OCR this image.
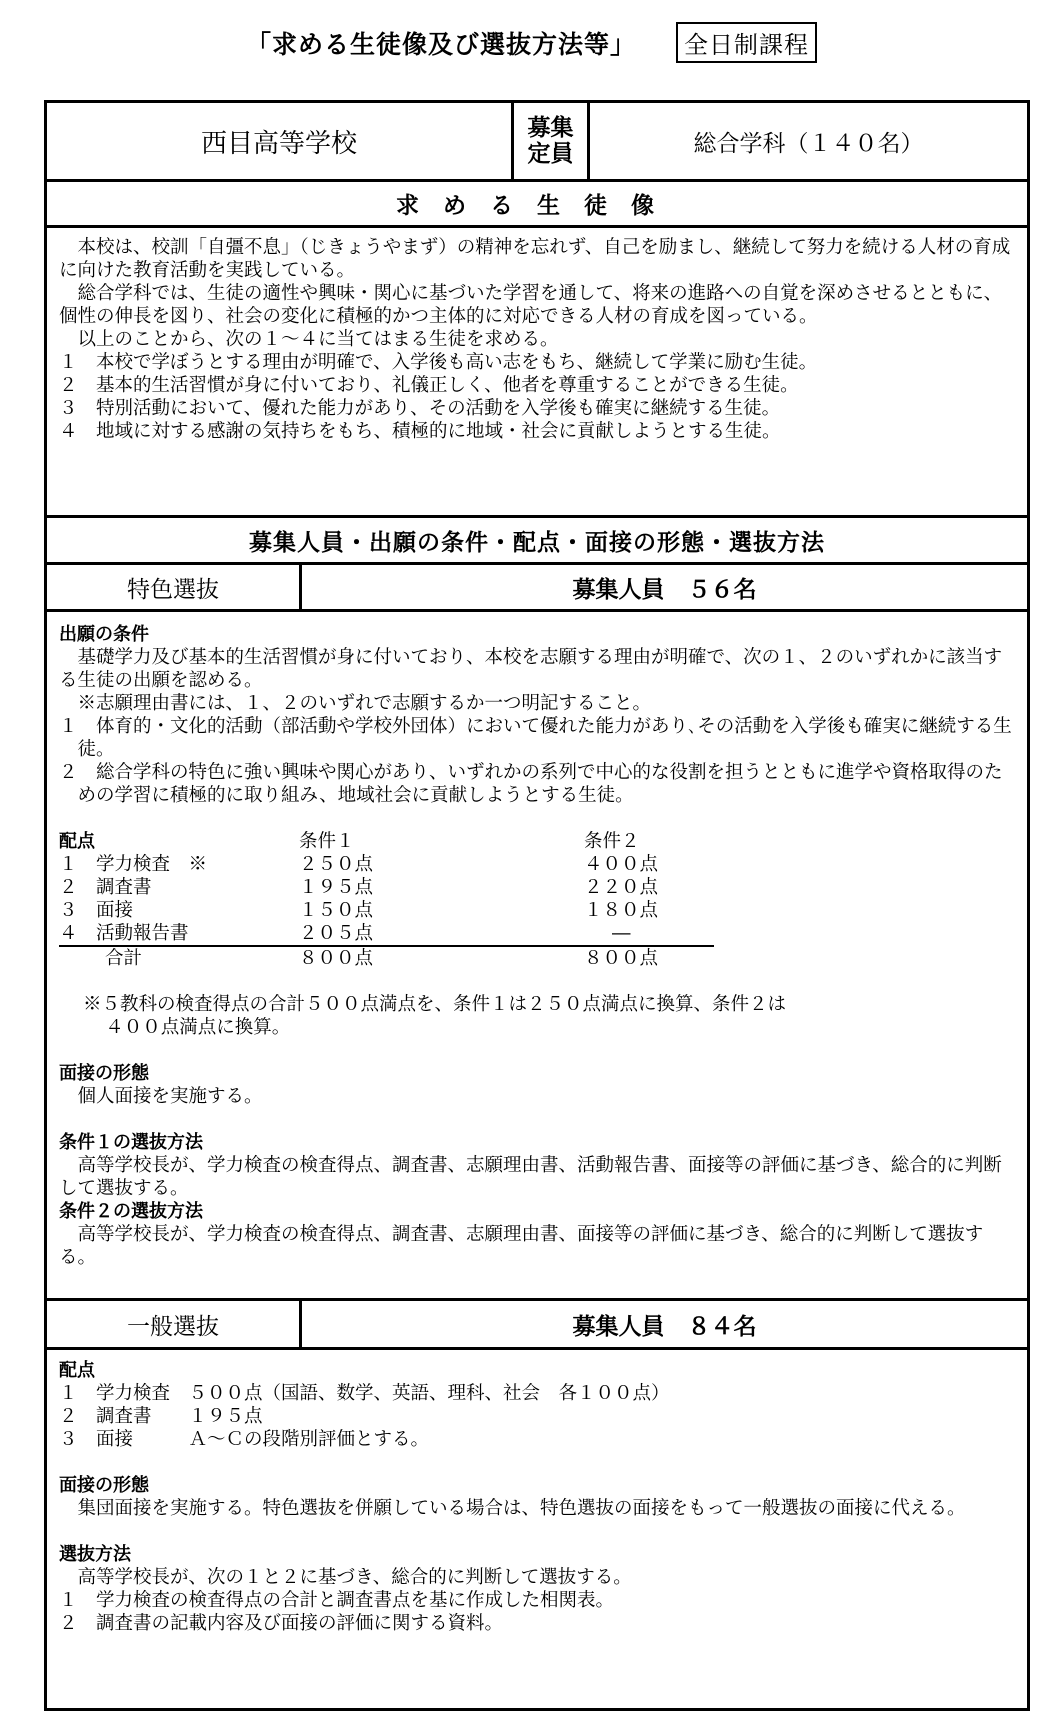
「求める生徒像及び選抜方法等」 全日制課程
西目高等学校
募集
定員	総合学科（１４０名）
求める生徒像

本校は、校訓「自彊不息」（じきょうやまず）の精神を忘れず、自己を励まし、継続して努力を続ける人材の育成に向けた教育活動を実践している。

総合学科では、生徒の適性や興味・関心に基づいた学習を通して、将来の進路への自覚を深めさせるとともに、個性の伸長を図り、社会の変化に積極的かつ主体的に対応できる人材の育成を図っている。

以上のことから、次の１～４に当てはまる生徒を求める。

１　本校で学ぼうとする理由が明確で、入学後も高い志をもち、継続して学業に励む生徒。

２　基本的生活習慣が身に付いており、礼儀正しく、他者を尊重することができる生徒。

３　特別活動において、優れた能力があり、その活動を入学後も確実に継続する生徒。

４　地域に対する感謝の気持ちをもち、積極的に地域・社会に貢献しようとする生徒。

募集人員・出願の条件・配点・面接の形態・選抜方法
特色選抜	募集人員　５６名

出願の条件

基礎学力及び基本的生活習慣が身に付いており、本校を志願する理由が明確で、次の１、２のいずれかに該当する生徒の出願を認める。

※志願理由書には、１、２のいずれで志願するか一つ明記すること。

１　体育的・文化的活動（部活動や学校外団体）において優れた能力があり､その活動を入学後も確実に継続する生徒。

２　総合学科の特色に強い興味や関心があり、いずれかの系列で中心的な役割を担うとともに進学や資格取得のための学習に積極的に取り組み、地域社会に貢献しようとする生徒。

配点	条件１	条件２
１　学力検査　※	２５０点	４００点
２　調査書	１９５点	２２０点
３　面接	１５０点	１８０点
４　活動報告書	２０５点	―
合計	８００点	８００点

※５教科の検査得点の合計５００点満点を、条件１は２５０点満点に換算、条件２は

４００点満点に換算。

面接の形態

個人面接を実施する。

条件１の選抜方法

高等学校長が、学力検査の検査得点、調査書、志願理由書、活動報告書、面接等の評価に基づき、総合的に判断して選抜する。

条件２の選抜方法

高等学校長が、学力検査の検査得点、調査書、志願理由書、面接等の評価に基づき、総合的に判断して選抜する。

一般選抜	募集人員　８４名

配点

１　学力検査　５００点（国語、数学、英語、理科、社会　各１００点）

２　調査書　　１９５点

３　面接　　　Ａ～Ｃの段階別評価とする。

面接の形態

集団面接を実施する。特色選抜を併願している場合は、特色選抜の面接をもって一般選抜の面接に代える。

選抜方法

高等学校長が、次の１と２に基づき、総合的に判断して選抜する。

１　学力検査の検査得点の合計と調査書点を基に作成した相関表。

２　調査書の記載内容及び面接の評価に関する資料。
